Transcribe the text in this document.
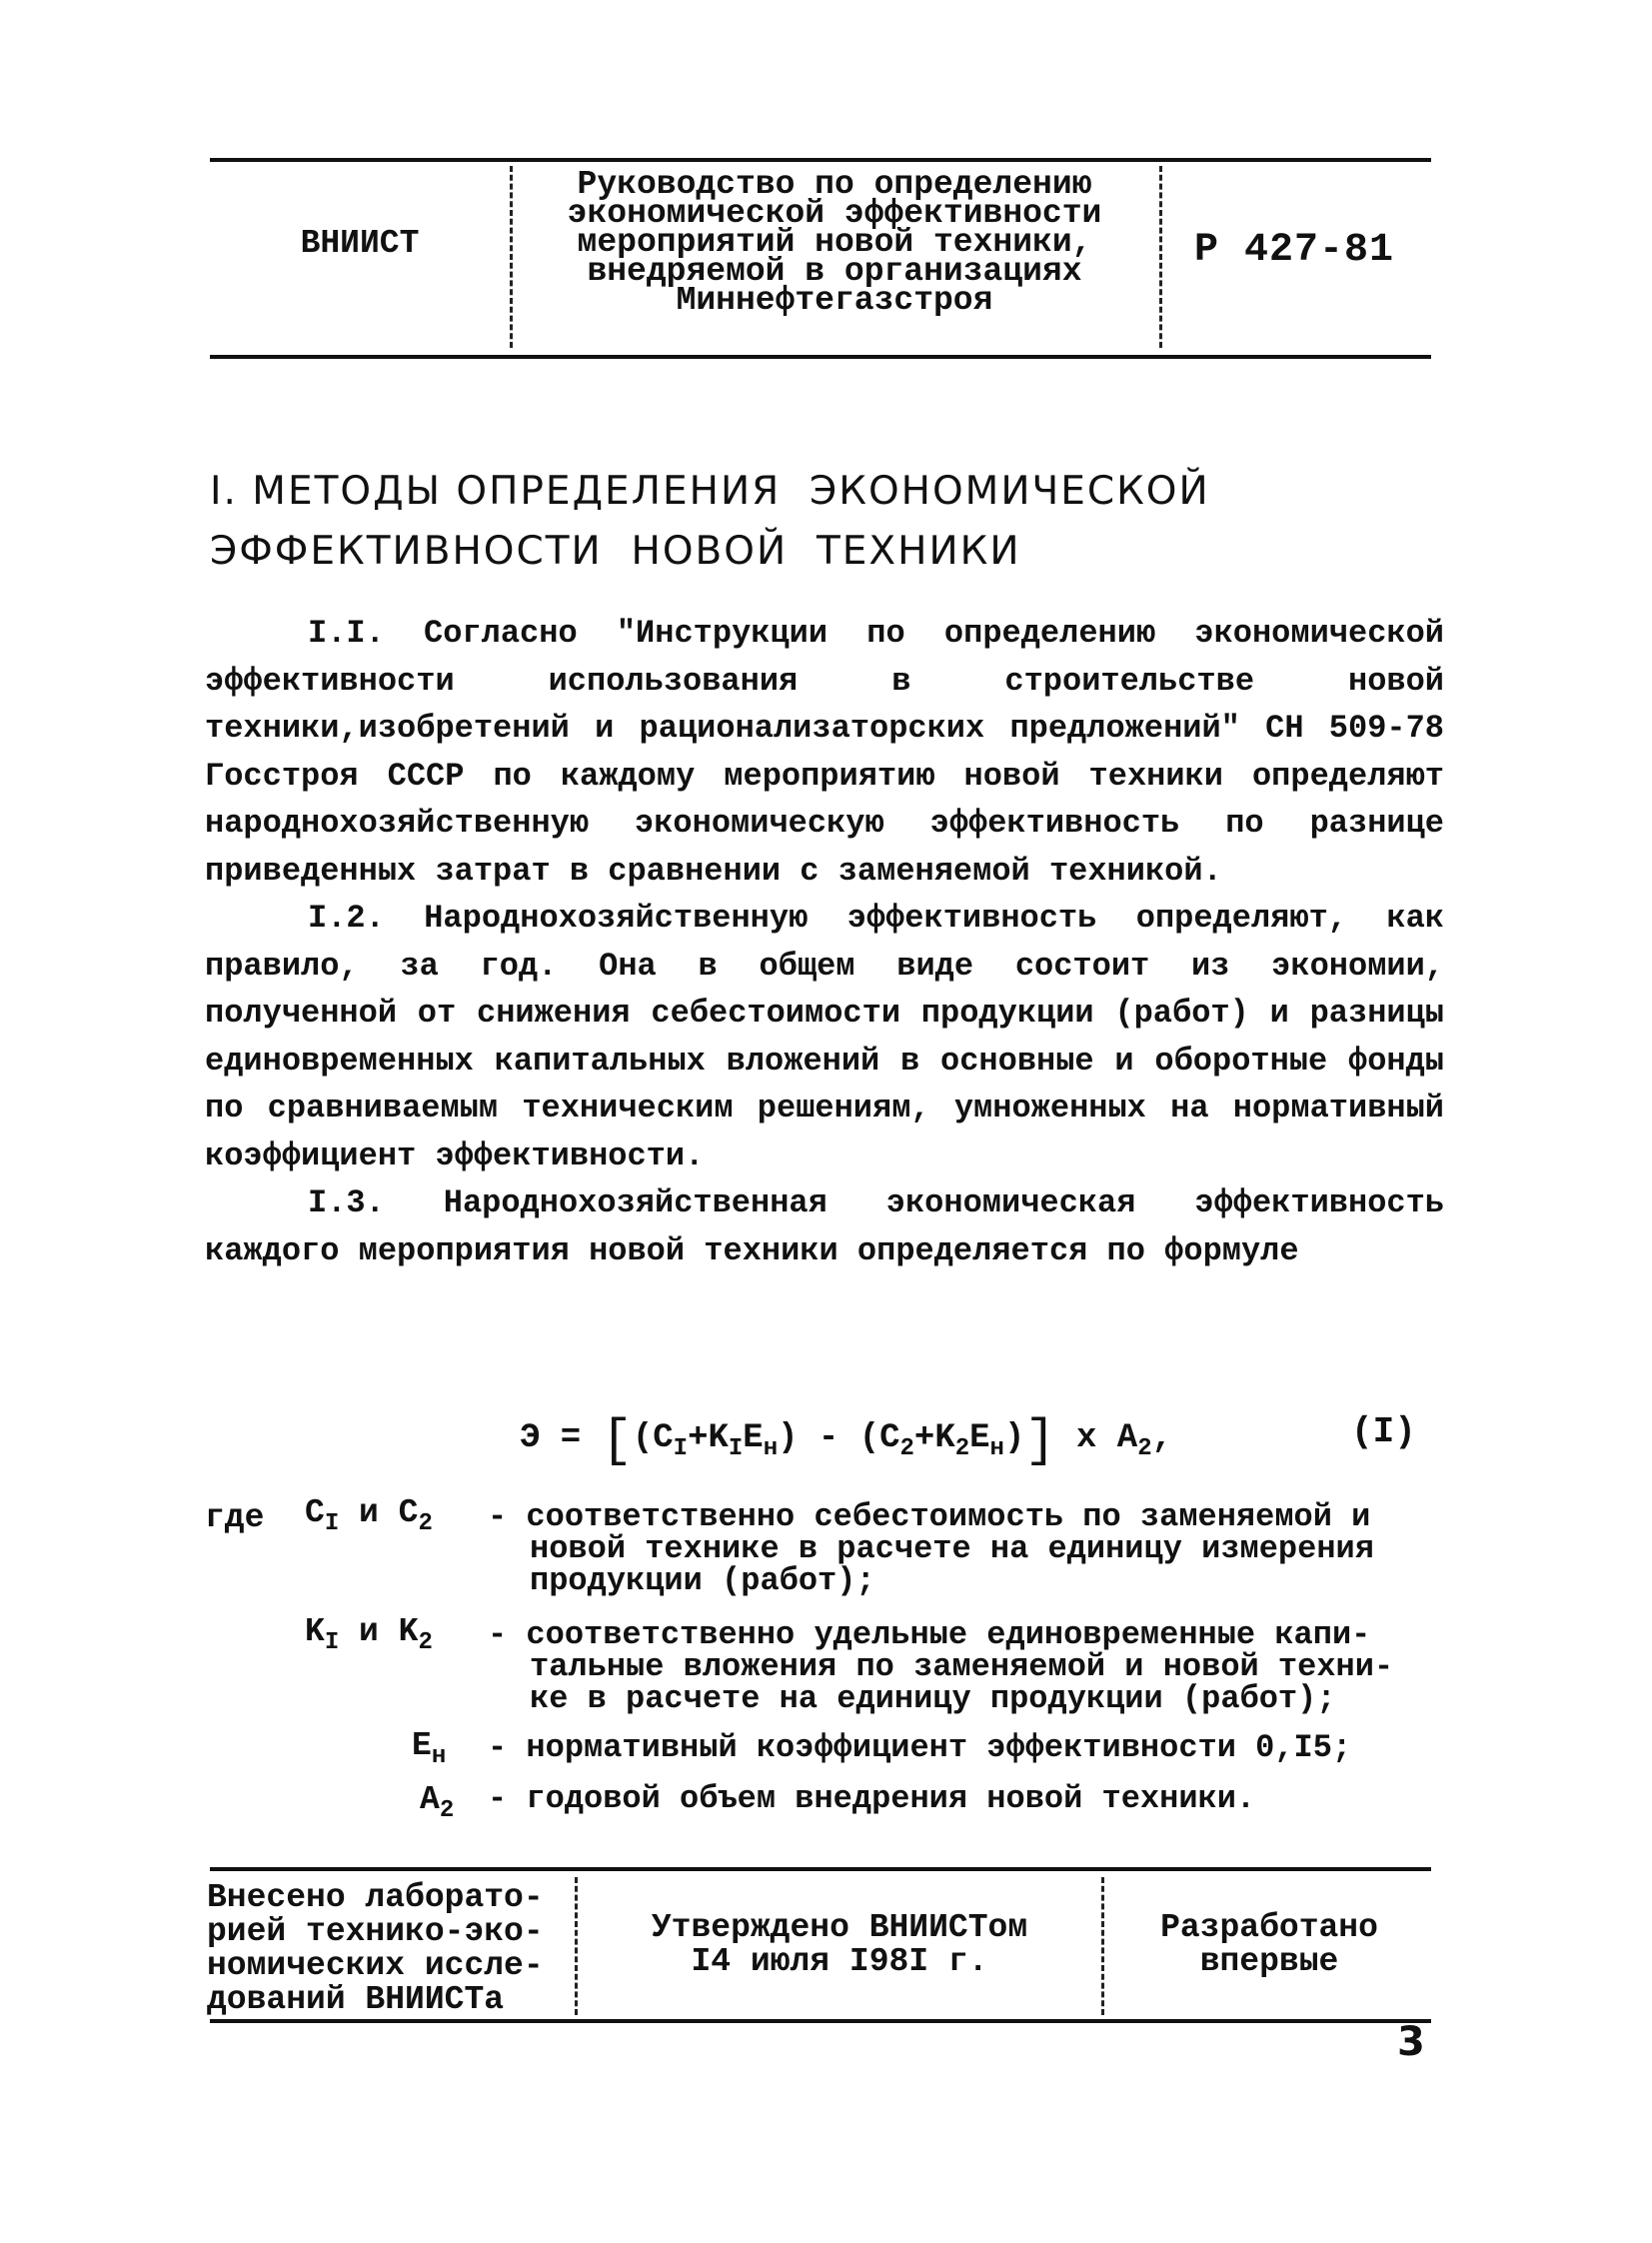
ВНИИСТ
Руководство по определению
экономической эффективности
мероприятий новой техники,
внедряемой в организациях
Миннефтегазстроя
Р 427-81
I. МЕТОДЫ ОПРЕДЕЛЕНИЯ  ЭКОНОМИЧЕСКОЙ
ЭФФЕКТИВНОСТИ  НОВОЙ  ТЕХНИКИ

I.I. Согласно "Инструкции по определению экономической эффективности использования в строительстве новой техники,изобретений и рационализаторских предложений" СН 509-78 Госстроя СССР по каждому мероприятию новой техники определяют народнохозяйственную экономическую эффективность по разнице приведенных затрат в сравнении с заменяемой техникой.

I.2. Народнохозяйственную эффективность определяют, как правило, за год. Она в общем виде состоит из экономии, полученной от снижения себестоимости продукции (работ) и разницы единовременных капитальных вложений в основные и оборотные фонды по сравниваемым техническим решениям, умноженных на нормативный коэффициент эффективности.

I.3. Народнохозяйственная экономическая эффективность каждого мероприятия новой техники определяется по формуле

$Э = [(C_I+K_IE_н) - (C_2+K_2E_н)]$ x $A_2$,	(I)
где $C_I$ и $C_2$ - соответственно себестоимость по заменяемой и
новой технике в расчете на единицу измерения
продукции (работ);
$K_I$ и $K_2$ - соответственно удельные единовременные капи-
тальные вложения по заменяемой и новой техни-
ке в расчете на единицу продукции (работ);
$E_н$ - нормативный коэффициент эффективности 0,I5;
$A_2$ - годовой объем внедрения новой техники.
Внесено лаборато-
рией технико-эко-
номических иссле-
дований ВНИИСТа
Утверждено ВНИИСТом
I4 июля I98I г.
Разработано
впервые
3
